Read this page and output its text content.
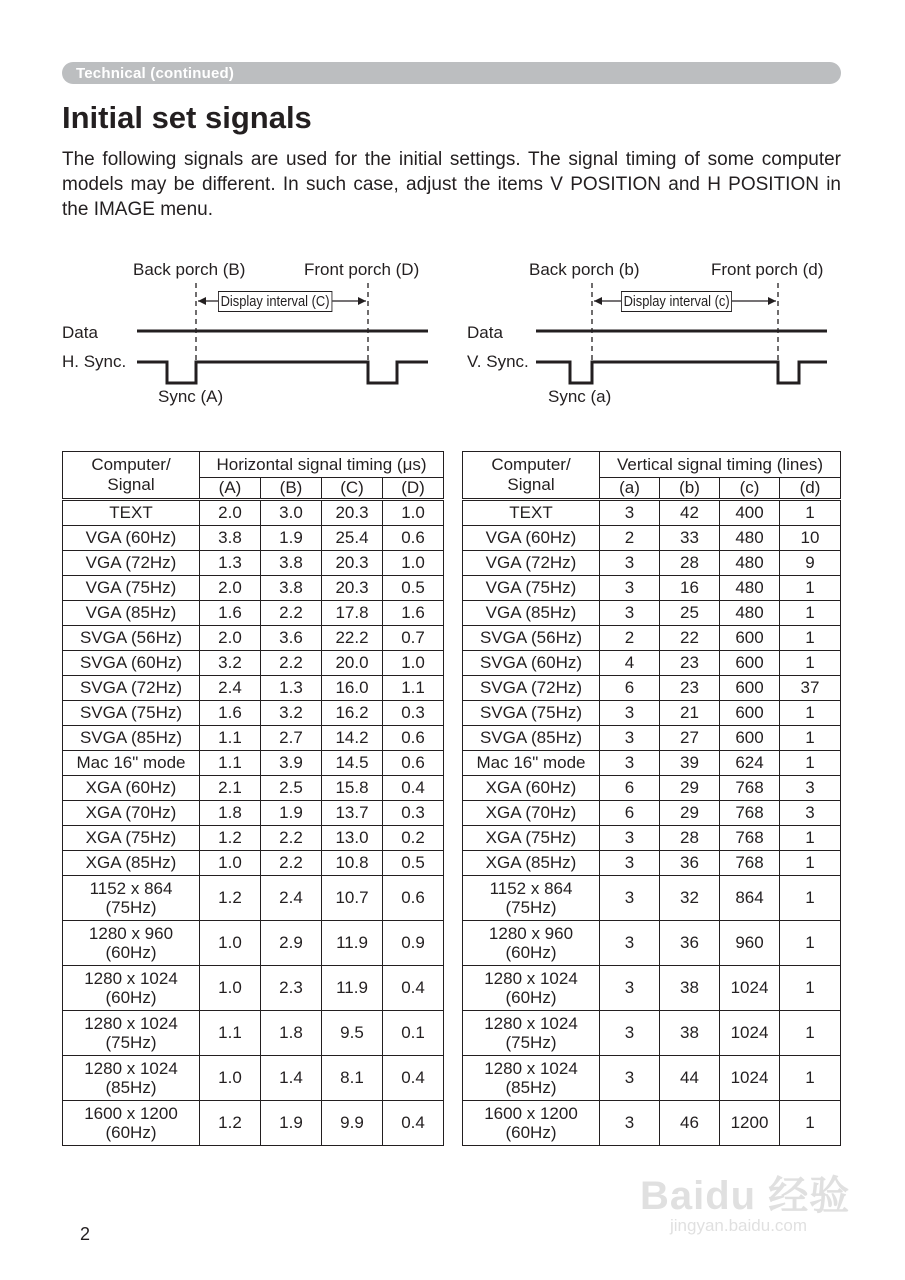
Technical (continued)
Initial set signals

The following signals are used for the initial settings. The signal timing of some computer models may be different. In such case, adjust the items V POSITION and H POSITION in the IMAGE menu.

Back porch (B)	Front porch (D)
Display interval (C)
Data
H. Sync.
Sync (A)
Back porch (b)	Front porch (d)
Display interval (c)
Data
V. Sync.
Sync (a)
Computer/
Signal	Horizontal signal timing (μs)			
	(A)	(B)	(C)	(D)
TEXT	2.0	3.0	20.3	1.0
VGA (60Hz)	3.8	1.9	25.4	0.6
VGA (72Hz)	1.3	3.8	20.3	1.0
VGA (75Hz)	2.0	3.8	20.3	0.5
VGA (85Hz)	1.6	2.2	17.8	1.6
SVGA (56Hz)	2.0	3.6	22.2	0.7
SVGA (60Hz)	3.2	2.2	20.0	1.0
SVGA (72Hz)	2.4	1.3	16.0	1.1
SVGA (75Hz)	1.6	3.2	16.2	0.3
SVGA (85Hz)	1.1	2.7	14.2	0.6
Mac 16" mode	1.1	3.9	14.5	0.6
XGA (60Hz)	2.1	2.5	15.8	0.4
XGA (70Hz)	1.8	1.9	13.7	0.3
XGA (75Hz)	1.2	2.2	13.0	0.2
XGA (85Hz)	1.0	2.2	10.8	0.5
1152 x 864
(75Hz)	1.2	2.4	10.7	0.6
1280 x 960
(60Hz)	1.0	2.9	11.9	0.9
1280 x 1024
(60Hz)	1.0	2.3	11.9	0.4
1280 x 1024
(75Hz)	1.1	1.8	9.5	0.1
1280 x 1024
(85Hz)	1.0	1.4	8.1	0.4
1600 x 1200
(60Hz)	1.2	1.9	9.9	0.4
Computer/
Signal	Vertical signal timing (lines)			
	(a)	(b)	(c)	(d)
TEXT	3	42	400	1
VGA (60Hz)	2	33	480	10
VGA (72Hz)	3	28	480	9
VGA (75Hz)	3	16	480	1
VGA (85Hz)	3	25	480	1
SVGA (56Hz)	2	22	600	1
SVGA (60Hz)	4	23	600	1
SVGA (72Hz)	6	23	600	37
SVGA (75Hz)	3	21	600	1
SVGA (85Hz)	3	27	600	1
Mac 16" mode	3	39	624	1
XGA (60Hz)	6	29	768	3
XGA (70Hz)	6	29	768	3
XGA (75Hz)	3	28	768	1
XGA (85Hz)	3	36	768	1
1152 x 864
(75Hz)	3	32	864	1
1280 x 960
(60Hz)	3	36	960	1
1280 x 1024
(60Hz)	3	38	1024	1
1280 x 1024
(75Hz)	3	38	1024	1
1280 x 1024
(85Hz)	3	44	1024	1
1600 x 1200
(60Hz)	3	46	1200	1
2
Baidu 经验
jingyan.baidu.com
